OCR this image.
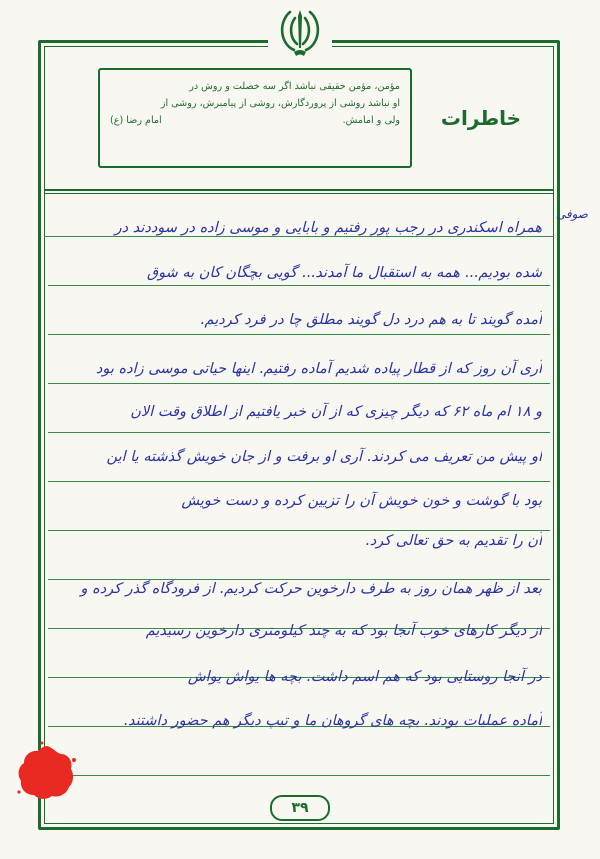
مؤمن، مؤمن حقیقی نباشد اگر سه خصلت و روش در
او نباشد روشی از پروردگارش، روشی از پیامبرش، روشی از
ولی و امامش.
امام رضا (ع)	خاطرات
صوفی
همراه اسکندری در رجب پور رفتیم و بابایی و موسی زاده در سوددند در
شده بودیم... همه به استقبال ما آمدند... گویی بچگان کان به شوق
آمده گویند تا به هم درد دل گویند مطلق چا در فرد کردیم.
آری آن روز که از قطار پیاده شدیم آماده رفتیم. اینها حیاتی موسی زاده بود
و ۱۸ ام ماه ۶۲ که دیگر چیزی که از آن خبر یافتیم از اطلاق وقت الان
او پیش من تعریف می کردند. آری او برفت و از جان خویش گذشته یا این
بود با گوشت و خون خویش آن را تزیین کرده و دست خویش
آن را تقدیم به حق تعالی کرد.
بعد از ظهر همان روز به طرف دارخوین حرکت کردیم. از فرودگاه گذر کرده و
از دیگر کارهای خوب آنجا بود که به چند کیلومتری دارخوین رسیدیم
در آنجا روستایی بود که هم اسم داشت. بچه ها یواش یواش
آماده عملیات بودند. بچه های گروهان ما و تیپ دیگر هم حضور داشتند.
۳۹
